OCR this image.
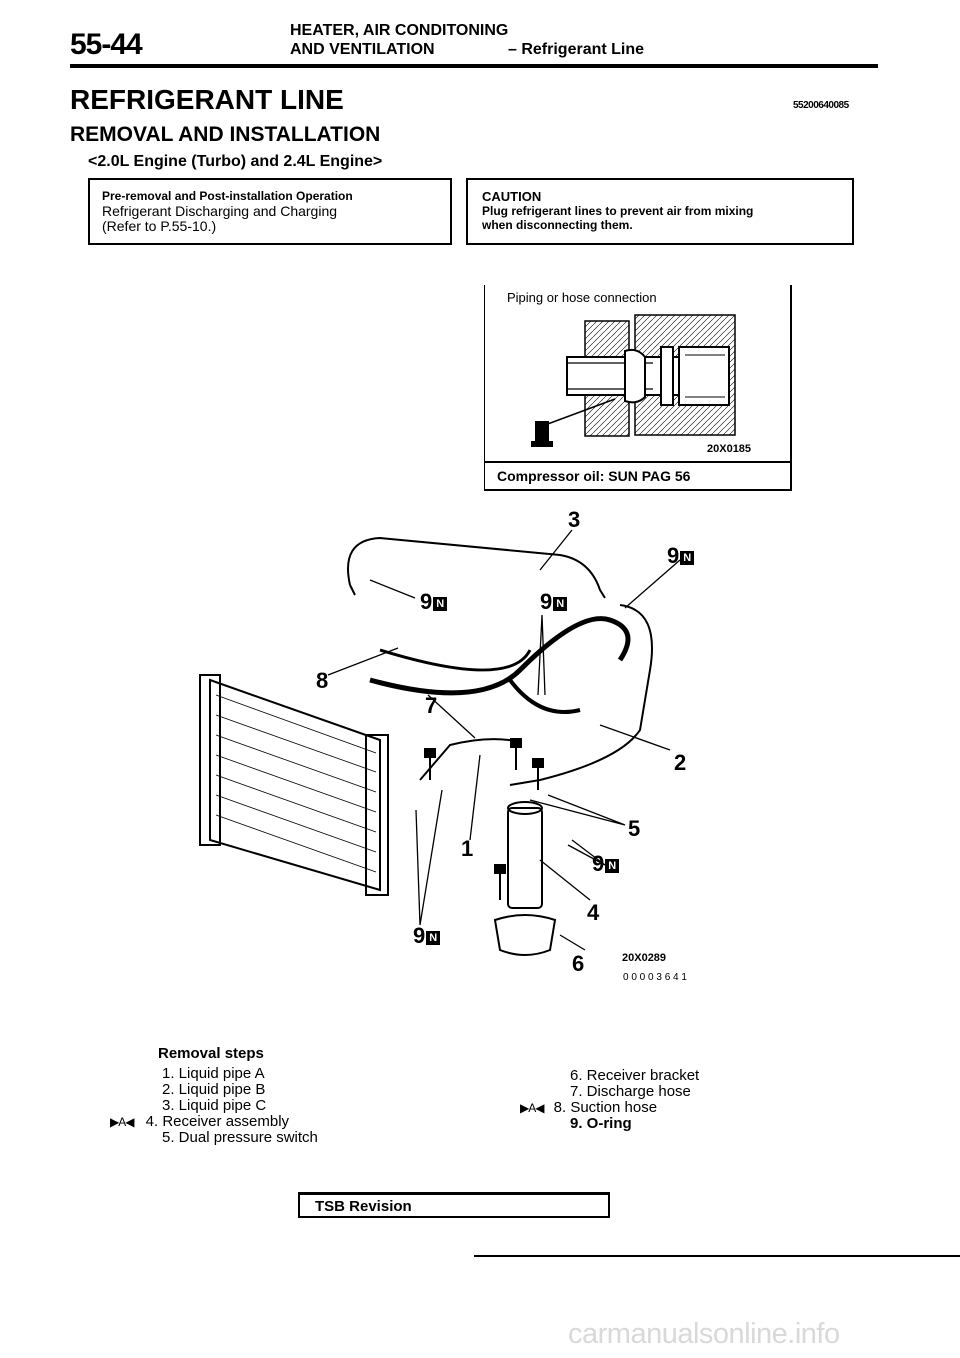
55-44	HEATER, AIR CONDITONING
AND VENTILATION	– Refrigerant Line
REFRIGERANT LINE	55200640085
REMOVAL AND INSTALLATION
<2.0L Engine (Turbo) and 2.4L Engine>
Pre-removal and Post-installation Operation
Refrigerant Discharging and Charging
(Refer to P.55-10.)
CAUTION
Plug refrigerant lines to prevent air from mixing
when disconnecting them.
Piping or hose connection
20X0185
Compressor oil: SUN PAG 56
3
9 N
9 N	9 N
8
7
2
5
1
9 N
4
9 N
6	20X0289
0 0 0 0 3 6 4 1
Removal steps
1. Liquid pipe A
2. Liquid pipe B
3. Liquid pipe C
▶A◀ 4. Receiver assembly
5. Dual pressure switch
6. Receiver bracket
7. Discharge hose
▶A◀ 8. Suction hose
9. O-ring
TSB Revision
carmanualsonline.info
